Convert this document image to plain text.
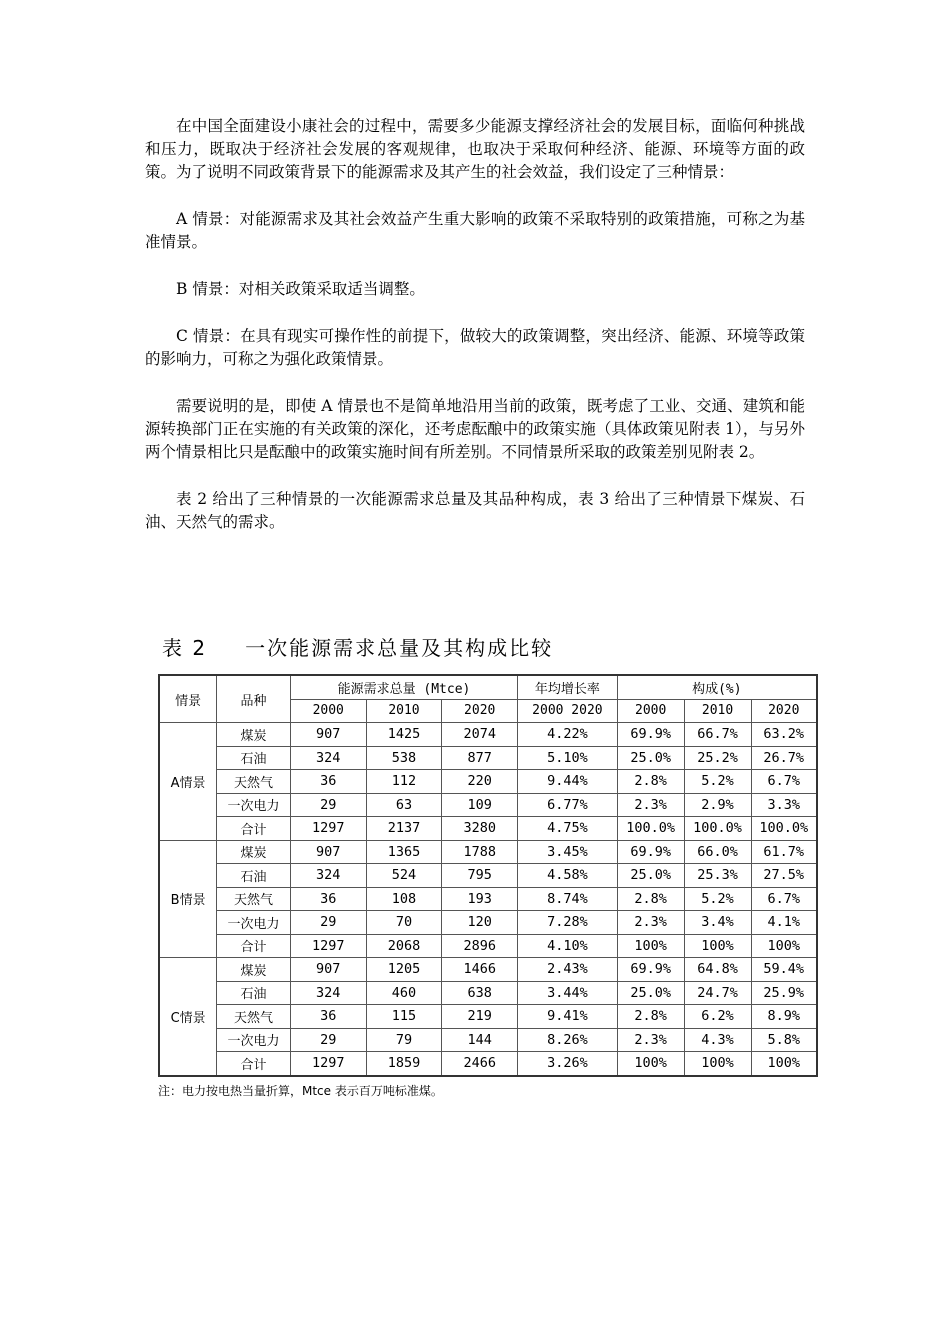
在中国全面建设小康社会的过程中，需要多少能源支撑经济社会的发展目标，面临何种挑战和压力，既取决于经济社会发展的客观规律，也取决于采取何种经济、能源、环境等方面的政策。为了说明不同政策背景下的能源需求及其产生的社会效益，我们设定了三种情景：

A 情景：对能源需求及其社会效益产生重大影响的政策不采取特别的政策措施，可称之为基准情景。

B 情景：对相关政策采取适当调整。

C 情景：在具有现实可操作性的前提下，做较大的政策调整，突出经济、能源、环境等政策的影响力，可称之为强化政策情景。

需要说明的是，即使 A 情景也不是简单地沿用当前的政策，既考虑了工业、交通、建筑和能源转换部门正在实施的有关政策的深化，还考虑酝酿中的政策实施（具体政策见附表 1），与另外两个情景相比只是酝酿中的政策实施时间有所差别。不同情景所采取的政策差别见附表 2。

表 2 给出了三种情景的一次能源需求总量及其品种构成，表 3 给出了三种情景下煤炭、石油、天然气的需求。

表 2 一次能源需求总量及其构成比较
情景	品种	能源需求总量 (Mtce)			年均增长率	构成(%)		
		2000	2010	2020	2000 2020	2000	2010	2020
A情景	煤炭	907	1425	2074	4.22%	69.9%	66.7%	63.2%
	石油	324	538	877	5.10%	25.0%	25.2%	26.7%
	天然气	36	112	220	9.44%	2.8%	5.2%	6.7%
	一次电力	29	63	109	6.77%	2.3%	2.9%	3.3%
	合计	1297	2137	3280	4.75%	100.0%	100.0%	100.0%
B情景	煤炭	907	1365	1788	3.45%	69.9%	66.0%	61.7%
	石油	324	524	795	4.58%	25.0%	25.3%	27.5%
	天然气	36	108	193	8.74%	2.8%	5.2%	6.7%
	一次电力	29	70	120	7.28%	2.3%	3.4%	4.1%
	合计	1297	2068	2896	4.10%	100%	100%	100%
C情景	煤炭	907	1205	1466	2.43%	69.9%	64.8%	59.4%
	石油	324	460	638	3.44%	25.0%	24.7%	25.9%
	天然气	36	115	219	9.41%	2.8%	6.2%	8.9%
	一次电力	29	79	144	8.26%	2.3%	4.3%	5.8%
	合计	1297	1859	2466	3.26%	100%	100%	100%
注：电力按电热当量折算，Mtce 表示百万吨标准煤。
